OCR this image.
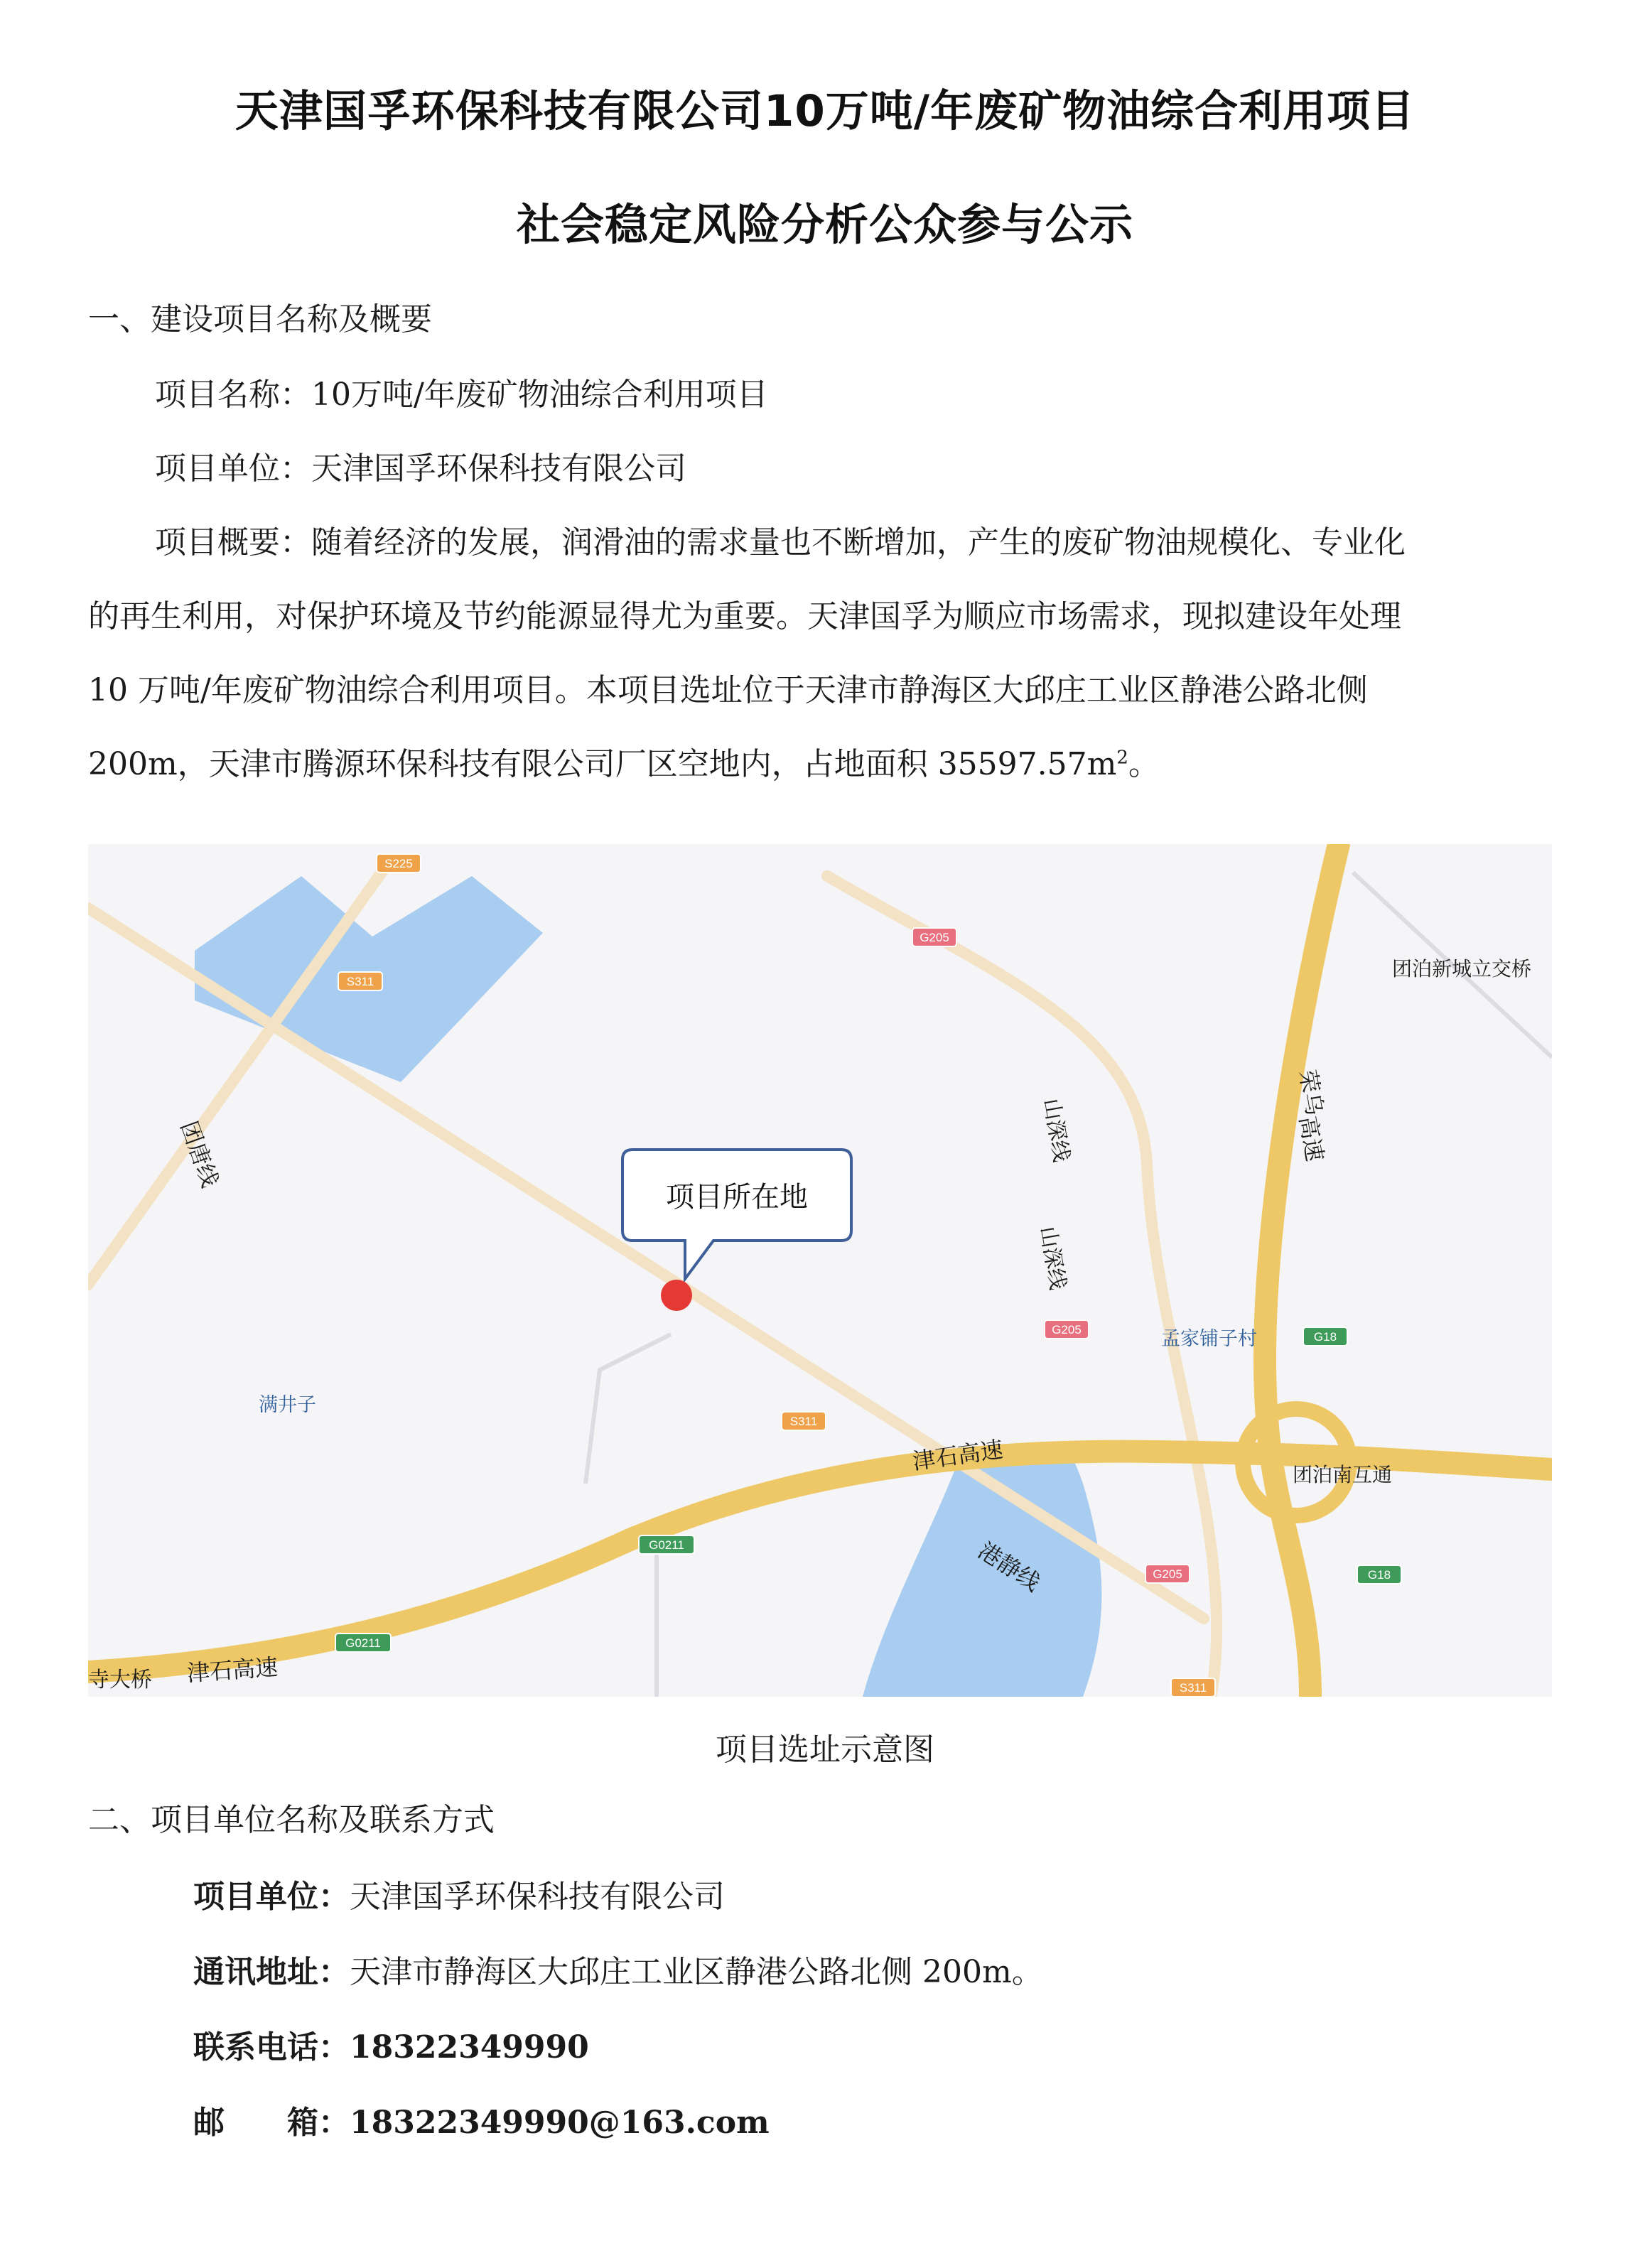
天津国孚环保科技有限公司10万吨/年废矿物油综合利用项目
社会稳定风险分析公众参与公示
一、建设项目名称及概要
项目名称：10万吨/年废矿物油综合利用项目
项目单位：天津国孚环保科技有限公司
项目概要：随着经济的发展，润滑油的需求量也不断增加，产生的废矿物油规模化、专业化
的再生利用，对保护环境及节约能源显得尤为重要。天津国孚为顺应市场需求，现拟建设年处理
10 万吨/年废矿物油综合利用项目。本项目选址位于天津市静海区大邱庄工业区静港公路北侧
200m，天津市腾源环保科技有限公司厂区空地内，占地面积 $35597.57m^2$。
S225
S311
S311
S311
G205
G205
G205
G0211
G0211
G18
G18
团泊新城立交桥
荣乌
高速
山深线
山深线
团唐线
孟家铺子村
满井子
津石高速
津石高速
团泊南互通
港静线
寺大桥
项目所在地
项目选址示意图
二、项目单位名称及联系方式
项目单位：天津国孚环保科技有限公司
通讯地址：天津市静海区大邱庄工业区静港公路北侧 200m。
联系电话：18322349990
邮　　箱：18322349990@163.com
